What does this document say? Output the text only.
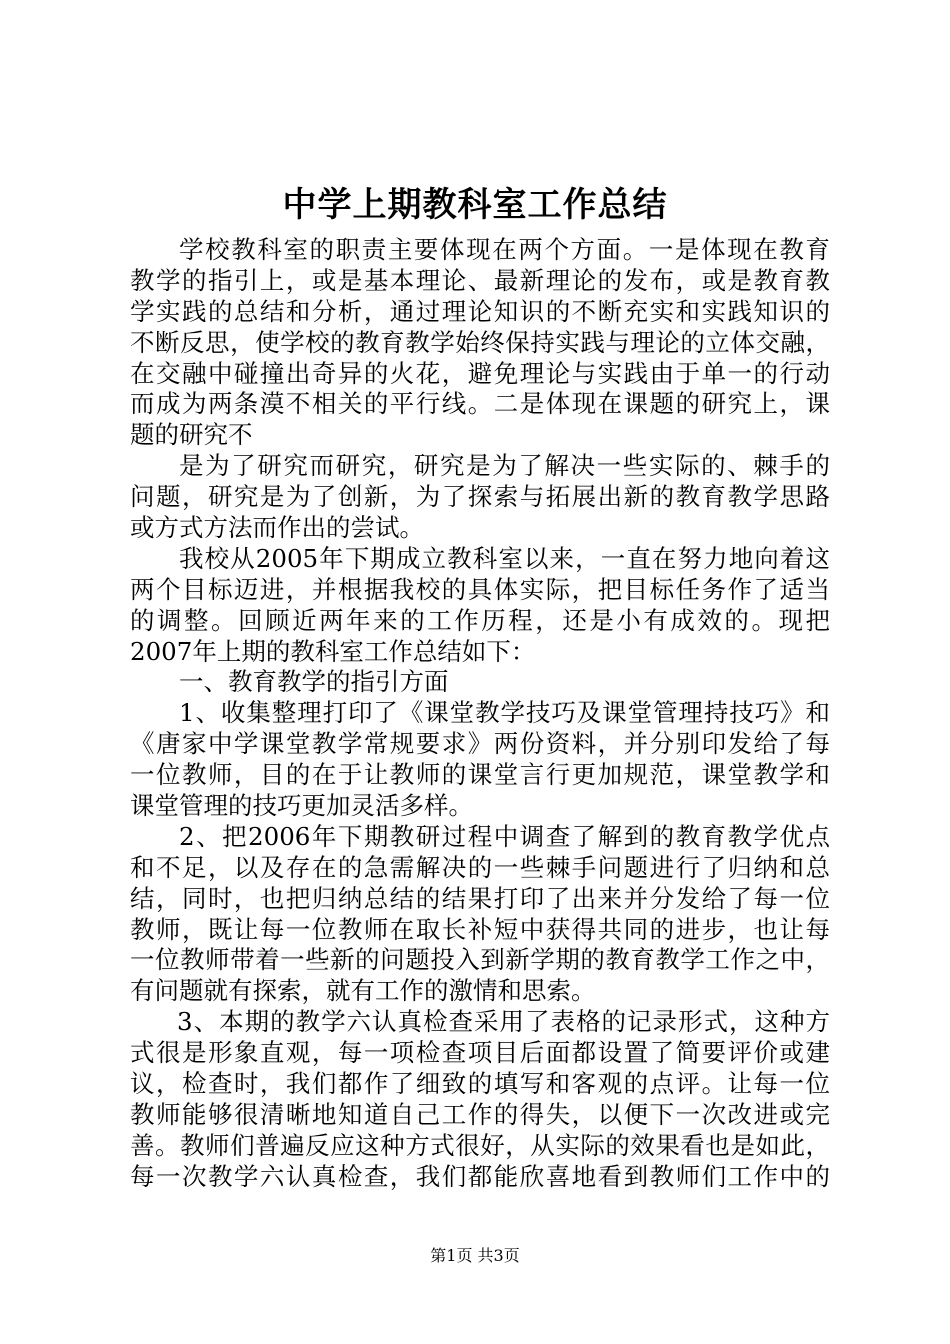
中学上期教科室工作总结
学校教科室的职责主要体现在两个方面。一是体现在教育
教学的指引上，或是基本理论、最新理论的发布，或是教育教
学实践的总结和分析，通过理论知识的不断充实和实践知识的
不断反思，使学校的教育教学始终保持实践与理论的立体交融，
在交融中碰撞出奇异的火花，避免理论与实践由于单一的行动
而成为两条漠不相关的平行线。二是体现在课题的研究上，课
题的研究不
是为了研究而研究，研究是为了解决一些实际的、棘手的
问题，研究是为了创新，为了探索与拓展出新的教育教学思路
或方式方法而作出的尝试。
我校从2005年下期成立教科室以来，一直在努力地向着这
两个目标迈进，并根据我校的具体实际，把目标任务作了适当
的调整。回顾近两年来的工作历程，还是小有成效的。现把
2007年上期的教科室工作总结如下：
一、教育教学的指引方面
1、收集整理打印了《课堂教学技巧及课堂管理持技巧》和
《唐家中学课堂教学常规要求》两份资料，并分别印发给了每
一位教师，目的在于让教师的课堂言行更加规范，课堂教学和
课堂管理的技巧更加灵活多样。
2、把2006年下期教研过程中调查了解到的教育教学优点
和不足，以及存在的急需解决的一些棘手问题进行了归纳和总
结，同时，也把归纳总结的结果打印了出来并分发给了每一位
教师，既让每一位教师在取长补短中获得共同的进步，也让每
一位教师带着一些新的问题投入到新学期的教育教学工作之中，
有问题就有探索，就有工作的激情和思索。
3、本期的教学六认真检查采用了表格的记录形式，这种方
式很是形象直观，每一项检查项目后面都设置了简要评价或建
议，检查时，我们都作了细致的填写和客观的点评。让每一位
教师能够很清晰地知道自己工作的得失，以便下一次改进或完
善。教师们普遍反应这种方式很好，从实际的效果看也是如此，
每一次教学六认真检查，我们都能欣喜地看到教师们工作中的
第1页 共3页
